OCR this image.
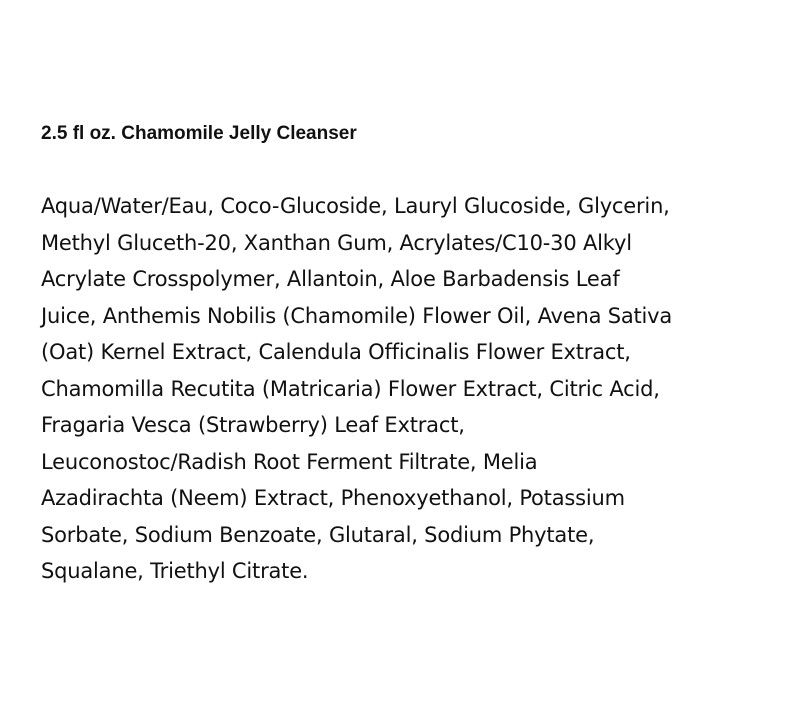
2.5 fl oz. Chamomile Jelly Cleanser

Aqua/Water/Eau, Coco-Glucoside, Lauryl Glucoside, Glycerin,
Methyl Gluceth-20, Xanthan Gum, Acrylates/C10-30 Alkyl
Acrylate Crosspolymer, Allantoin, Aloe Barbadensis Leaf
Juice, Anthemis Nobilis (Chamomile) Flower Oil, Avena Sativa
(Oat) Kernel Extract, Calendula Officinalis Flower Extract,
Chamomilla Recutita (Matricaria) Flower Extract, Citric Acid,
Fragaria Vesca (Strawberry) Leaf Extract,
Leuconostoc/Radish Root Ferment Filtrate, Melia
Azadirachta (Neem) Extract, Phenoxyethanol, Potassium
Sorbate, Sodium Benzoate, Glutaral, Sodium Phytate,
Squalane, Triethyl Citrate.
